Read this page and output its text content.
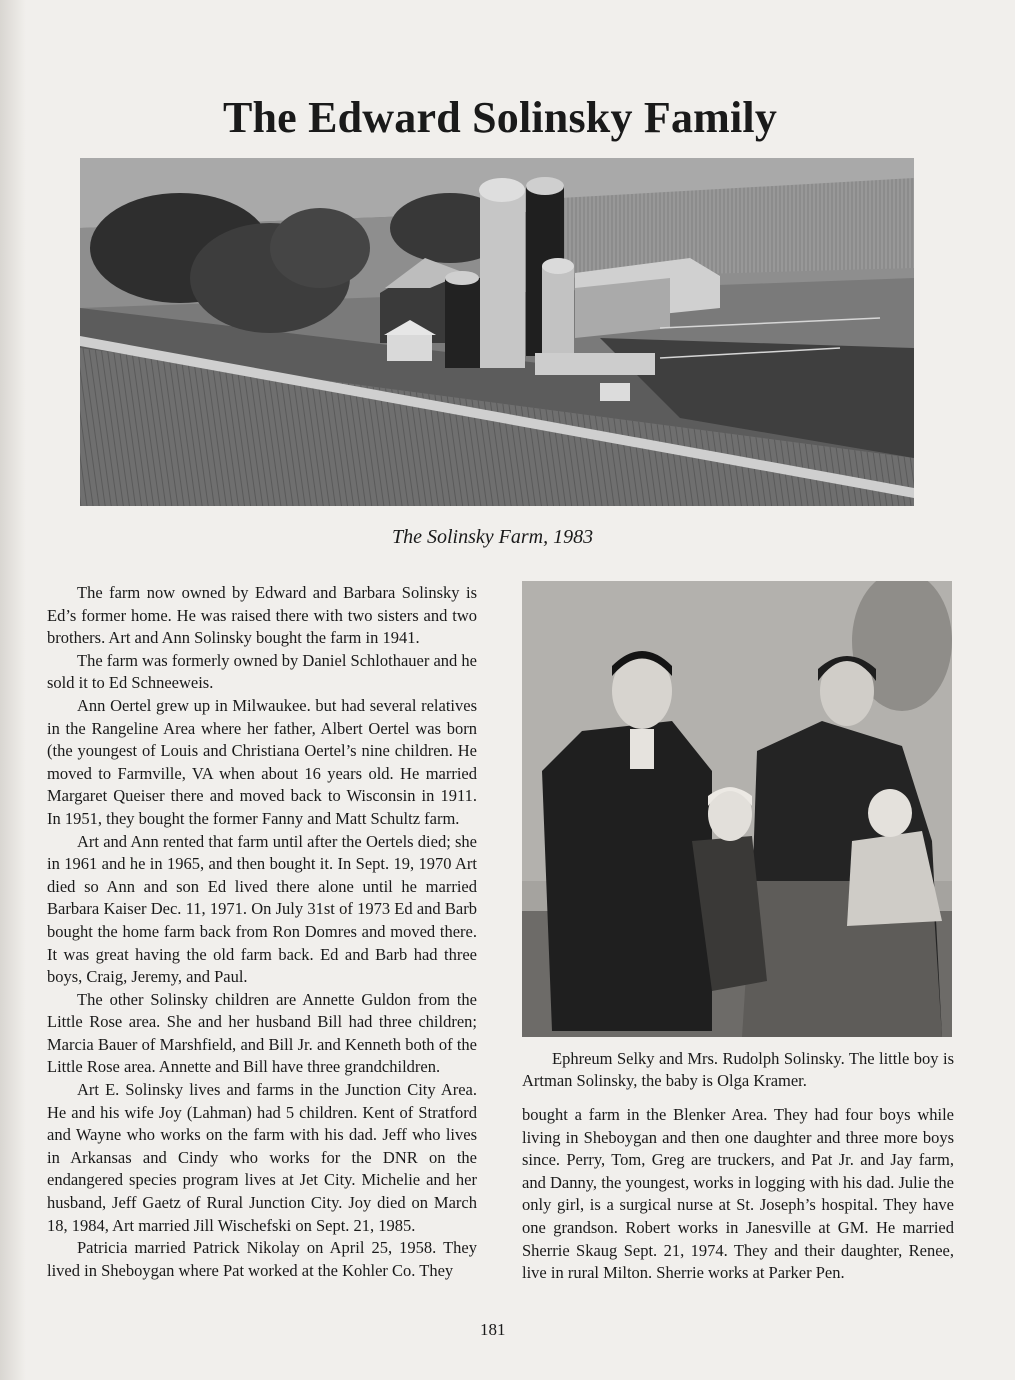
The Edward Solinsky Family

The Solinsky Farm, 1983

The farm now owned by Edward and Barbara Solinsky is Ed’s former home. He was raised there with two sisters and two brothers. Art and Ann Solinsky bought the farm in 1941.

The farm was formerly owned by Daniel Schlothauer and he sold it to Ed Schneeweis.

Ann Oertel grew up in Milwaukee. but had several relatives in the Rangeline Area where her father, Albert Oertel was born (the youngest of Louis and Christiana Oertel’s nine children. He moved to Farmville, VA when about 16 years old. He married Margaret Queiser there and moved back to Wisconsin in 1911. In 1951, they bought the former Fanny and Matt Schultz farm.

Art and Ann rented that farm until after the Oertels died; she in 1961 and he in 1965, and then bought it. In Sept. 19, 1970 Art died so Ann and son Ed lived there alone until he married Barbara Kaiser Dec. 11, 1971. On July 31st of 1973 Ed and Barb bought the home farm back from Ron Domres and moved there. It was great having the old farm back. Ed and Barb had three boys, Craig, Jeremy, and Paul.

The other Solinsky children are Annette Guldon from the Little Rose area. She and her husband Bill had three children; Marcia Bauer of Marshfield, and Bill Jr. and Kenneth both of the Little Rose area. Annette and Bill have three grandchildren.

Art E. Solinsky lives and farms in the Junction City Area. He and his wife Joy (Lahman) had 5 children. Kent of Stratford and Wayne who works on the farm with his dad. Jeff who lives in Arkansas and Cindy who works for the DNR on the endangered species program lives at Jet City. Michelie and her husband, Jeff Gaetz of Rural Junction City. Joy died on March 18, 1984, Art married Jill Wischefski on Sept. 21, 1985.

Patricia married Patrick Nikolay on April 25, 1958. They lived in Sheboygan where Pat worked at the Kohler Co. They

Ephreum Selky and Mrs. Rudolph Solinsky. The little boy is Artman Solinsky, the baby is Olga Kramer.

bought a farm in the Blenker Area. They had four boys while living in Sheboygan and then one daughter and three more boys since. Perry, Tom, Greg are truckers, and Pat Jr. and Jay farm, and Danny, the youngest, works in logging with his dad. Julie the only girl, is a surgical nurse at St. Joseph’s hospital. They have one grandson. Robert works in Janesville at GM. He married Sherrie Skaug Sept. 21, 1974. They and their daughter, Renee, live in rural Milton. Sherrie works at Parker Pen.

181
